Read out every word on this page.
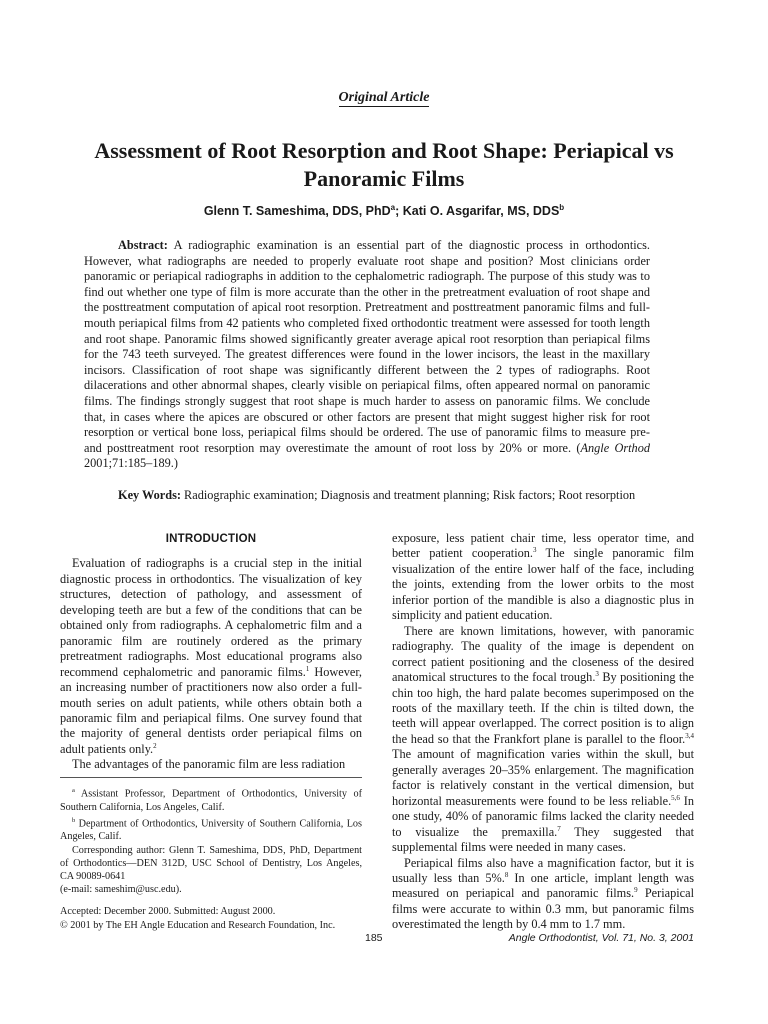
Original Article
Assessment of Root Resorption and Root Shape: Periapical vs Panoramic Films
Glenn T. Sameshima, DDS, PhD$^a$; Kati O. Asgarifar, MS, DDS$^b$

Abstract: A radiographic examination is an essential part of the diagnostic process in orthodontics. However, what radiographs are needed to properly evaluate root shape and position? Most clinicians order panoramic or periapical radiographs in addition to the cephalometric radiograph. The purpose of this study was to find out whether one type of film is more accurate than the other in the pretreatment evaluation of root shape and the posttreatment computation of apical root resorption. Pretreatment and posttreatment panoramic films and full-mouth periapical films from 42 patients who completed fixed orthodontic treatment were assessed for tooth length and root shape. Panoramic films showed significantly greater average apical root resorption than periapical films for the 743 teeth surveyed. The greatest differences were found in the lower incisors, the least in the maxillary incisors. Classification of root shape was significantly different between the 2 types of radiographs. Root dilacerations and other abnormal shapes, clearly visible on periapical films, often appeared normal on panoramic films. The findings strongly suggest that root shape is much harder to assess on panoramic films. We conclude that, in cases where the apices are obscured or other factors are present that might suggest higher risk for root resorption or vertical bone loss, periapical films should be ordered. The use of panoramic films to measure pre- and posttreatment root resorption may overestimate the amount of root loss by 20% or more. (Angle Orthod 2001;71:185–189.)

Key Words: Radiographic examination; Diagnosis and treatment planning; Risk factors; Root resorption

INTRODUCTION

Evaluation of radiographs is a crucial step in the initial diagnostic process in orthodontics. The visualization of key structures, detection of pathology, and assessment of developing teeth are but a few of the conditions that can be obtained only from radiographs. A cephalometric film and a panoramic film are routinely ordered as the primary pretreatment radiographs. Most educational programs also recommend cephalometric and panoramic films.$^1$ However, an increasing number of practitioners now also order a full-mouth series on adult patients, while others obtain both a panoramic film and periapical films. One survey found that the majority of general dentists order periapical films on adult patients only.$^2$

The advantages of the panoramic film are less radiation

$^a$ Assistant Professor, Department of Orthodontics, University of Southern California, Los Angeles, Calif.

$^b$ Department of Orthodontics, University of Southern California, Los Angeles, Calif.

Corresponding author: Glenn T. Sameshima, DDS, PhD, Department of Orthodontics—DEN 312D, USC School of Dentistry, Los Angeles, CA 90089-0641

(e-mail: sameshim@usc.edu).

Accepted: December 2000. Submitted: August 2000.

© 2001 by The EH Angle Education and Research Foundation, Inc.

exposure, less patient chair time, less operator time, and better patient cooperation.$^3$ The single panoramic film visualization of the entire lower half of the face, including the joints, extending from the lower orbits to the most inferior portion of the mandible is also a diagnostic plus in simplicity and patient education.

There are known limitations, however, with panoramic radiography. The quality of the image is dependent on correct patient positioning and the closeness of the desired anatomical structures to the focal trough.$^3$ By positioning the chin too high, the hard palate becomes superimposed on the roots of the maxillary teeth. If the chin is tilted down, the teeth will appear overlapped. The correct position is to align the head so that the Frankfort plane is parallel to the floor.$^{3,4}$ The amount of magnification varies within the skull, but generally averages 20–35% enlargement. The magnification factor is relatively constant in the vertical dimension, but horizontal measurements were found to be less reliable.$^{5,6}$ In one study, 40% of panoramic films lacked the clarity needed to visualize the premaxilla.$^7$ They suggested that supplemental films were needed in many cases.

Periapical films also have a magnification factor, but it is usually less than 5%.$^8$ In one article, implant length was measured on periapical and panoramic films.$^9$ Periapical films were accurate to within 0.3 mm, but panoramic films overestimated the length by 0.4 mm to 1.7 mm.

185	Angle Orthodontist, Vol. 71, No. 3, 2001
